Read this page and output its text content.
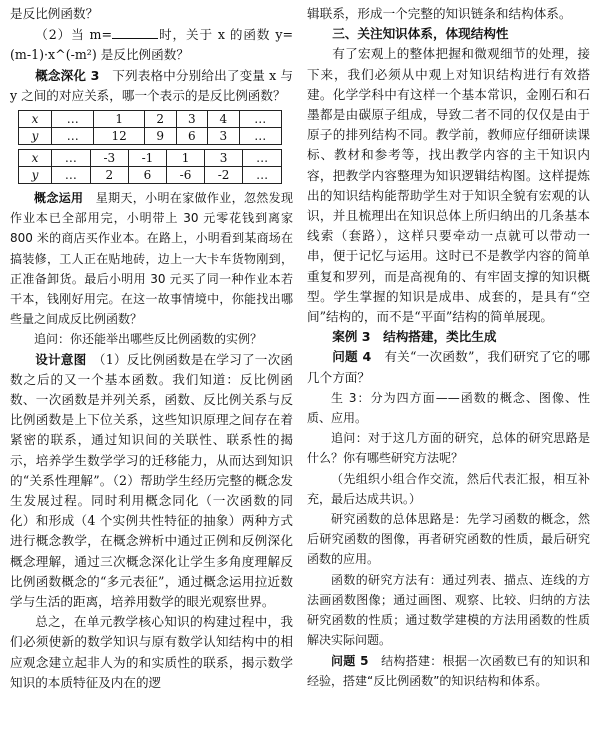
是反比例函数？

（2）当 m=	时，关于 x 的函数 y=(m-1)·x^(-m²) 是反比例函数？

概念深化 3　 下列表格中分别给出了变量 x 与 y 之间的对应关系，哪一个表示的是反比例函数？

x	…	1	2	3	4	…
y	…	12	9	6	3	…
x	…	-3	-1	1	3	…
y	…	2	6	-6	-2	…

概念运用　 星期天，小明在家做作业，忽然发现作业本已全部用完，小明带上 30 元零花钱到离家 800 米的商店买作业本。在路上，小明看到某商场在搞装修，工人正在贴地砖，边上一大卡车货物刚到，正准备卸货。最后小明用 30 元买了同一种作业本若干本，钱刚好用完。在这一故事情境中，你能找出哪些量之间成反比例函数？

追问：你还能举出哪些反比例函数的实例？

设计意图　 （1）反比例函数是在学习了一次函数之后的又一个基本函数。我们知道：反比例函数、一次函数是并列关系，函数、反比例关系与反比例函数是上下位关系，这些知识原理之间存在着紧密的联系，通过知识间的关联性、联系性的揭示，培养学生数学学习的迁移能力，从而达到知识的“关系性理解”。（2）帮助学生经历完整的概念发生发展过程。同时利用概念同化（一次函数的同化）和形成（4 个实例共性特征的抽象）两种方式进行概念教学，在概念辨析中通过正例和反例深化概念理解，通过三次概念深化让学生多角度理解反比例函数概念的“多元表征”，通过概念运用拉近数学与生活的距离，培养用数学的眼光观察世界。

总之，在单元教学核心知识的构建过程中，我们必须使新的数学知识与原有数学认知结构中的相应观念建立起非人为的和实质性的联系，揭示数学知识的本质特征及内在的逻

辑联系，形成一个完整的知识链条和结构体系。

三、关注知识体系，体现结构性

有了宏观上的整体把握和微观细节的处理，接下来，我们必须从中观上对知识结构进行有效搭建。化学学科中有这样一个基本常识，金刚石和石墨都是由碳原子组成，导致二者不同的仅仅是由于原子的排列结构不同。教学前，教师应仔细研读课标、教材和参考等，找出教学内容的主干知识内容，把教学内容整理为知识逻辑结构图。这样提炼出的知识结构能帮助学生对于知识全貌有宏观的认识，并且梳理出在知识总体上所归纳出的几条基本线索（套路），这样只要牵动一点就可以带动一串，便于记忆与运用。这时已不是教学内容的简单重复和罗列，而是高视角的、有牢固支撑的知识概型。学生掌握的知识是成串、成套的，是具有“空间”结构的，而不是“平面”结构的简单展现。

案例 3　结构搭建，类比生成

问题 4　 有关“一次函数”，我们研究了它的哪几个方面？

生 3：分为四方面——函数的概念、图像、性质、应用。

追问：对于这几方面的研究，总体的研究思路是什么？你有哪些研究方法呢？

（先组织小组合作交流，然后代表汇报，相互补充，最后达成共识。）

研究函数的总体思路是：先学习函数的概念，然后研究函数的图像，再者研究函数的性质，最后研究函数的应用。

函数的研究方法有：通过列表、描点、连线的方法画函数图像；通过画图、观察、比较、归纳的方法研究函数的性质；通过数学建模的方法用函数的性质解决实际问题。

问题 5　 结构搭建：根据一次函数已有的知识和经验，搭建“反比例函数”的知识结构和体系。
